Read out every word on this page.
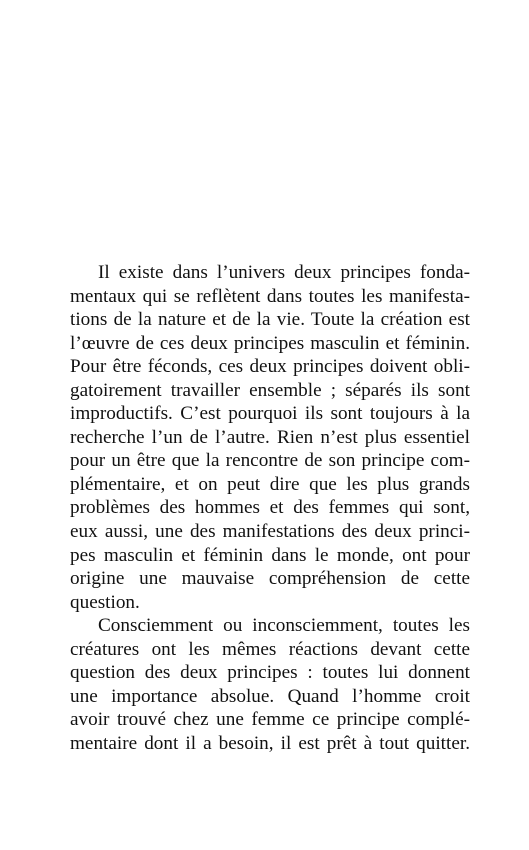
Il existe dans l’univers deux principes fonda-
mentaux qui se reflètent dans toutes les manifesta-
tions de la nature et de la vie. Toute la création est
l’œuvre de ces deux principes masculin et féminin.
Pour être féconds, ces deux principes doivent obli-
gatoirement travailler ensemble ; séparés ils sont
improductifs. C’est pourquoi ils sont toujours à la
recherche l’un de l’autre. Rien n’est plus essentiel
pour un être que la rencontre de son principe com-
plémentaire, et on peut dire que les plus grands
problèmes des hommes et des femmes qui sont,
eux aussi, une des manifestations des deux princi-
pes masculin et féminin dans le monde, ont pour
origine une mauvaise compréhension de cette
question.
Consciemment ou inconsciemment, toutes les
créatures ont les mêmes réactions devant cette
question des deux principes : toutes lui donnent
une importance absolue. Quand l’homme croit
avoir trouvé chez une femme ce principe complé-
mentaire dont il a besoin, il est prêt à tout quitter.
